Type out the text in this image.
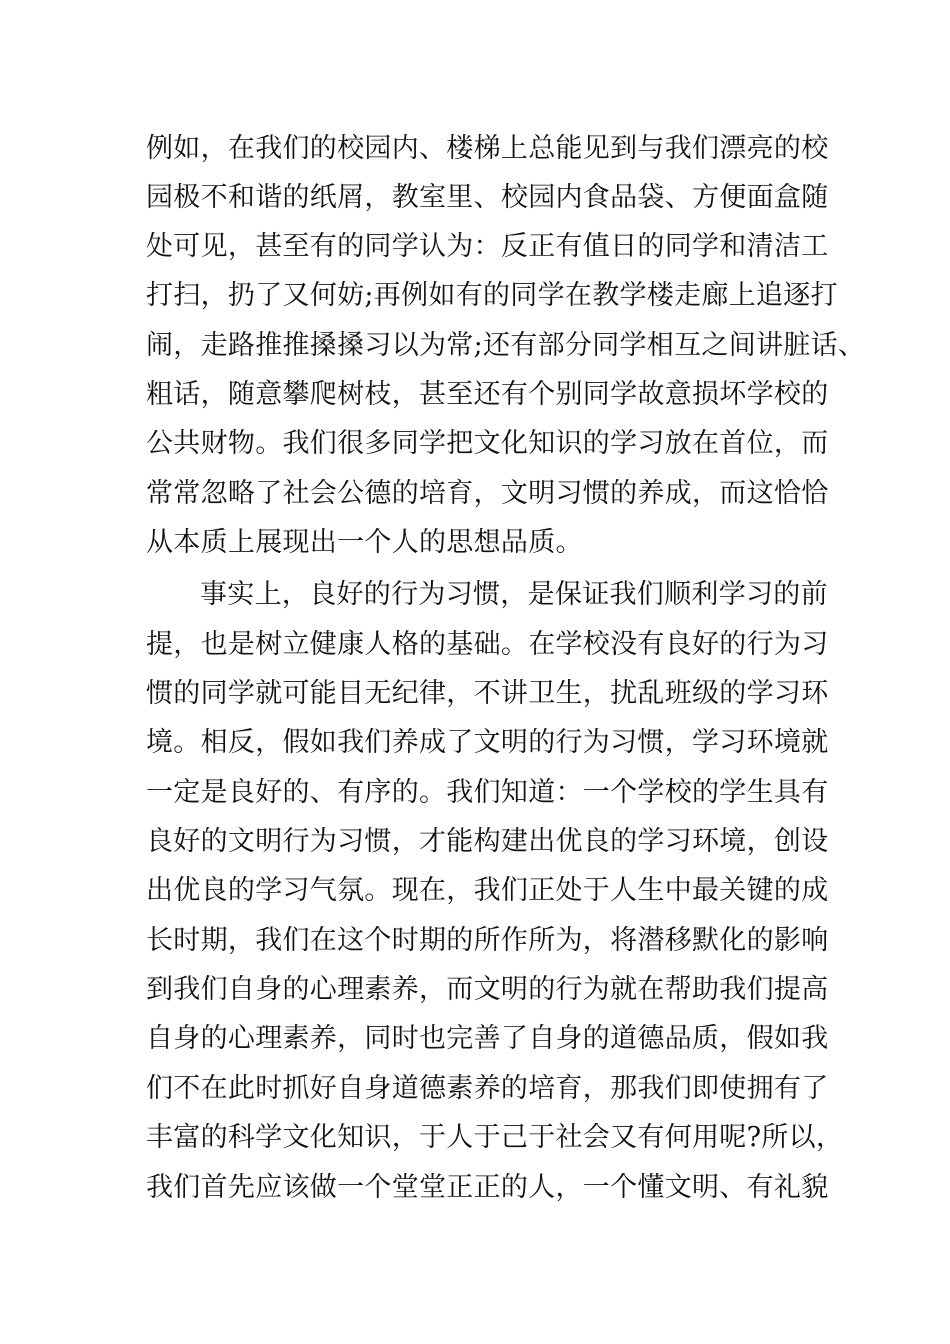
例如，在我们的校园内、楼梯上总能见到与我们漂亮的校
园极不和谐的纸屑，教室里、校园内食品袋、方便面盒随
处可见，甚至有的同学认为：反正有值日的同学和清洁工
打扫，扔了又何妨;再例如有的同学在教学楼走廊上追逐打
闹，走路推推搡搡习以为常;还有部分同学相互之间讲脏话、
粗话，随意攀爬树枝，甚至还有个别同学故意损坏学校的
公共财物。我们很多同学把文化知识的学习放在首位，而
常常忽略了社会公德的培育，文明习惯的养成，而这恰恰
从本质上展现出一个人的思想品质。
事实上，良好的行为习惯，是保证我们顺利学习的前
提，也是树立健康人格的基础。在学校没有良好的行为习
惯的同学就可能目无纪律，不讲卫生，扰乱班级的学习环
境。相反，假如我们养成了文明的行为习惯，学习环境就
一定是良好的、有序的。我们知道：一个学校的学生具有
良好的文明行为习惯，才能构建出优良的学习环境，创设
出优良的学习气氛。现在，我们正处于人生中最关键的成
长时期，我们在这个时期的所作所为，将潜移默化的影响
到我们自身的心理素养，而文明的行为就在帮助我们提高
自身的心理素养，同时也完善了自身的道德品质，假如我
们不在此时抓好自身道德素养的培育，那我们即使拥有了
丰富的科学文化知识，于人于己于社会又有何用呢?所以，
我们首先应该做一个堂堂正正的人，一个懂文明、有礼貌
